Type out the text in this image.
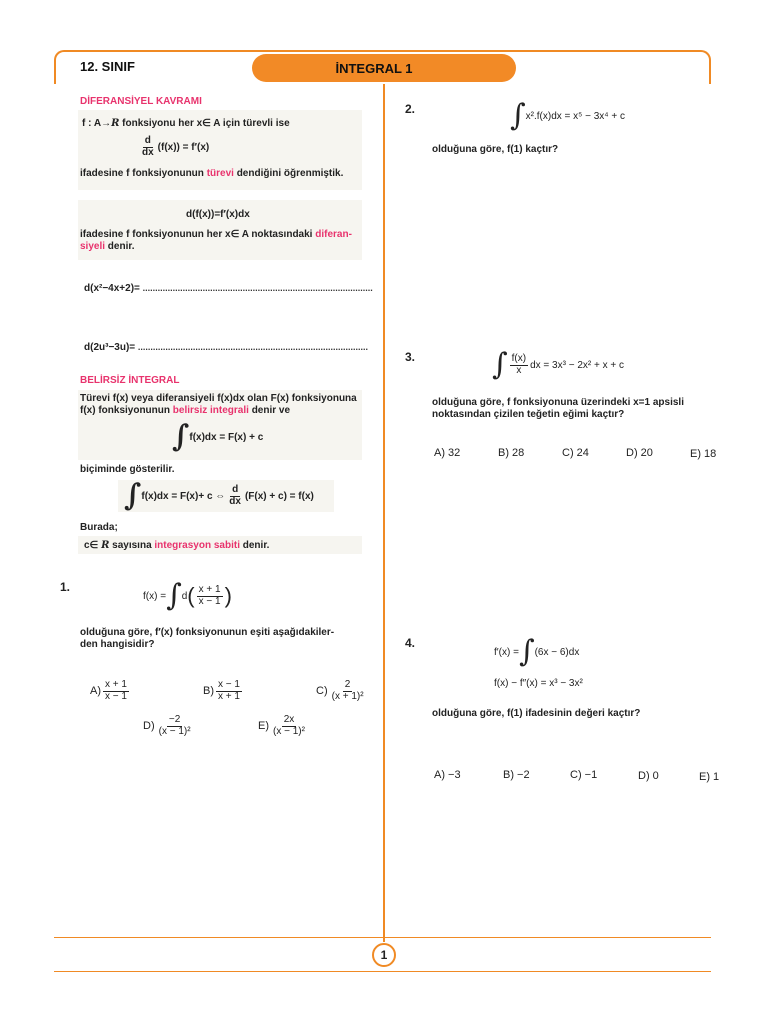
12. SINIF	İNTEGRAL 1
DİFERANSİYEL KAVRAMI
f : A→R fonksiyonu her x∈ A için türevli ise
$\frac{d}{dx} (f(x)) = f'(x)$
ifadesine f fonksiyonunun türevi dendiğini öğrenmiştik.
d(f(x))=f′(x)dx
ifadesine f fonksiyonunun her x∈ A noktasındaki diferan-
siyeli denir.
d(x²−4x+2)= ............................................................................................
d(2u³−3u)= ............................................................................................
BELİRSİZ İNTEGRAL
Türevi f(x) veya diferansiyeli f(x)dx olan F(x) fonksiyonuna
f(x) fonksiyonunun belirsiz integrali denir ve
∫ f(x)dx = F(x) + c
biçiminde gösterilir.
∫ f(x)dx = F(x)+ c ⇔ $\frac{d}{dx} (F(x) + c) = f(x)$
Burada;
c∈ R sayısına integrasyon sabiti denir.
1.
f(x) = ∫ d ( $\frac{x + 1}{x - 1}$ )
olduğuna göre, f′(x) fonksiyonunun eşiti aşağıdakiler-
den hangisidir?
$A) \frac{x + 1}{x - 1}$	$B) \frac{x - 1}{x + 1}$	$C) \frac{2}{\text{(x + 1)²}}$
$D) \frac{-2}{\text{(x − 1)²}}$	$E) \frac{2x}{\text{(x − 1)²}}$
2.	∫ x².f(x)dx = x⁵ − 3x⁴ + c
olduğuna göre, f(1) kaçtır?
3.	∫ $\frac{f(x)}{x}$ dx = 3x³ − 2x² + x + c
olduğuna göre, f fonksiyonuna üzerindeki x=1 apsisli
noktasından çizilen teğetin eğimi kaçtır?
A) 32	B) 28	C) 24	D) 20	E) 18
4.
f′(x) = ∫ (6x − 6)dx
f(x) − f″(x) = x³ − 3x²
olduğuna göre, f(1) ifadesinin değeri kaçtır?
A) −3	B) −2	C) −1	D) 0	E) 1
1
